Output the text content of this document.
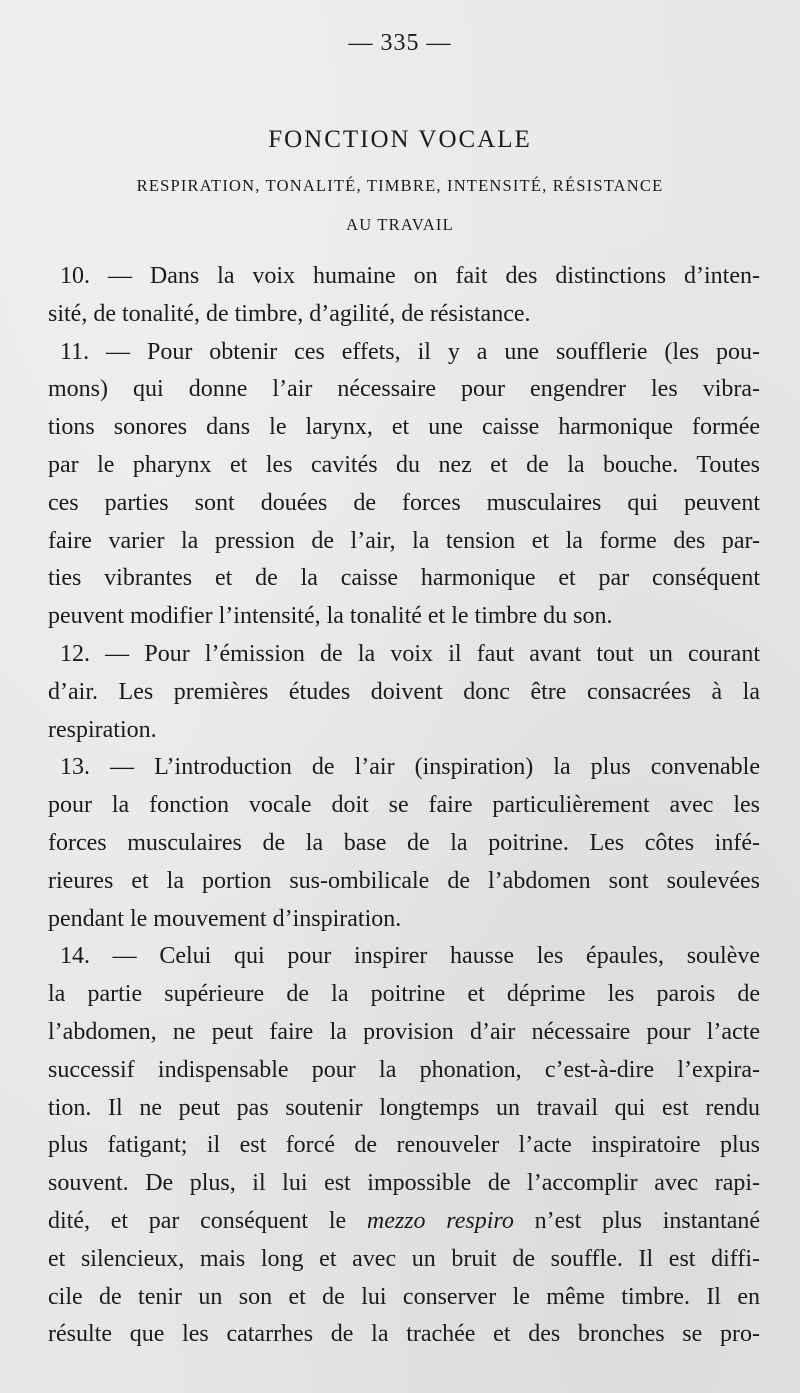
— 335 —
FONCTION VOCALE
RESPIRATION, TONALITÉ, TIMBRE, INTENSITÉ, RÉSISTANCE
AU TRAVAIL
10. — Dans la voix humaine on fait des distinctions d’inten-
sité, de tonalité, de timbre, d’agilité, de résistance.
11. — Pour obtenir ces effets, il y a une soufflerie (les pou-
mons) qui donne l’air nécessaire pour engendrer les vibra-
tions sonores dans le larynx, et une caisse harmonique formée
par le pharynx et les cavités du nez et de la bouche. Toutes
ces parties sont douées de forces musculaires qui peuvent
faire varier la pression de l’air, la tension et la forme des par-
ties vibrantes et de la caisse harmonique et par conséquent
peuvent modifier l’intensité, la tonalité et le timbre du son.
12. — Pour l’émission de la voix il faut avant tout un courant
d’air. Les premières études doivent donc être consacrées à la
respiration.
13. — L’introduction de l’air (inspiration) la plus convenable
pour la fonction vocale doit se faire particulièrement avec les
forces musculaires de la base de la poitrine. Les côtes infé-
rieures et la portion sus-ombilicale de l’abdomen sont soulevées
pendant le mouvement d’inspiration.
14. — Celui qui pour inspirer hausse les épaules, soulève
la partie supérieure de la poitrine et déprime les parois de
l’abdomen, ne peut faire la provision d’air nécessaire pour l’acte
successif indispensable pour la phonation, c’est-à-dire l’expira-
tion. Il ne peut pas soutenir longtemps un travail qui est rendu
plus fatigant; il est forcé de renouveler l’acte inspiratoire plus
souvent. De plus, il lui est impossible de l’accomplir avec rapi-
dité, et par conséquent le mezzo respiro n’est plus instantané
et silencieux, mais long et avec un bruit de souffle. Il est diffi-
cile de tenir un son et de lui conserver le même timbre. Il en
résulte que les catarrhes de la trachée et des bronches se pro-
